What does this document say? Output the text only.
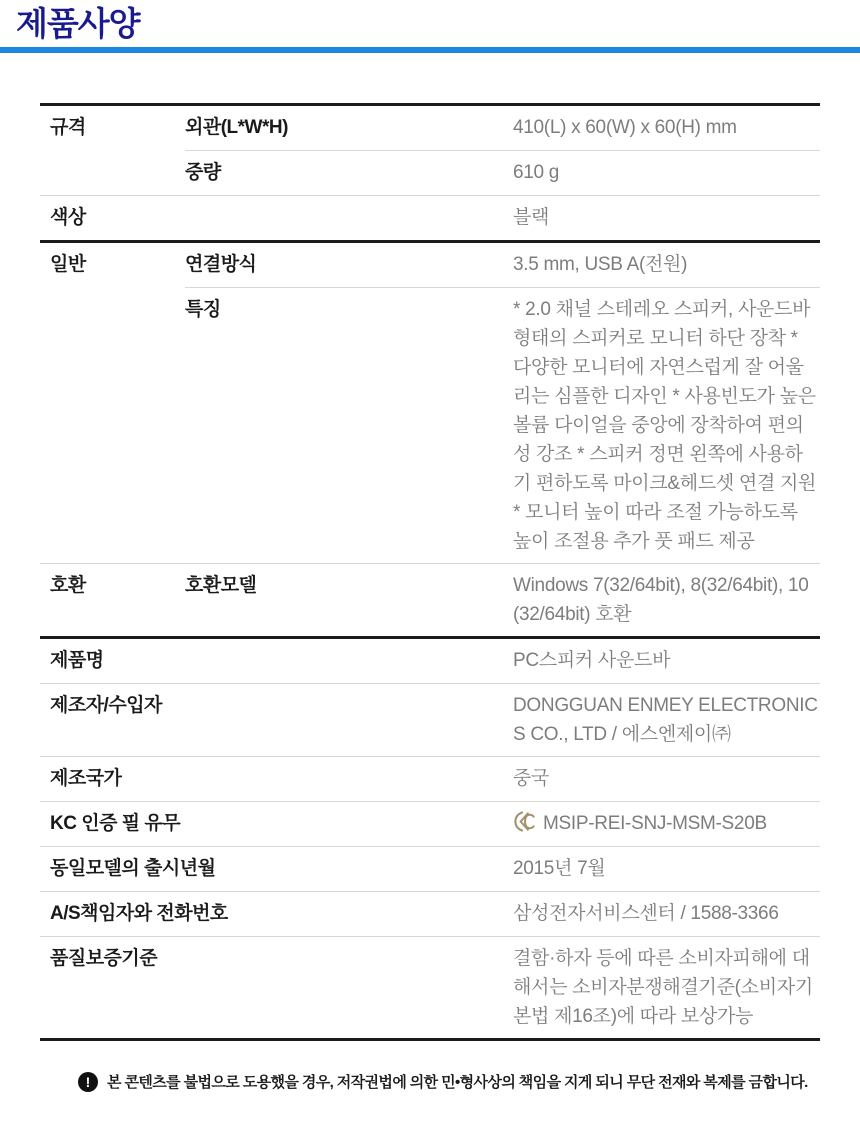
제품사양
규격	외관(L*W*H)	410(L) x 60(W) x 60(H) mm
중량	610 g
색상	블랙
일반	연결방식	3.5 mm, USB A(전원)
특징	* 2.0 채널 스테레오 스피커, 사운드바 형태의 스피커로 모니터 하단 장착 * 다양한 모니터에 자연스럽게 잘 어울리는 심플한 디자인 * 사용빈도가 높은 볼륨 다이얼을 중앙에 장착하여 편의성 강조 * 스피커 정면 왼쪽에 사용하기 편하도록 마이크&헤드셋 연결 지원 * 모니터 높이 따라 조절 가능하도록 높이 조절용 추가 풋 패드 제공
호환	호환모델	Windows 7(32/64bit), 8(32/64bit), 10(32/64bit) 호환
제품명	PC스피커 사운드바
제조자/수입자	DONGGUAN ENMEY ELECTRONICS CO., LTD / 에스엔제이㈜
제조국가	중국
KC 인증 필 유무	MSIP-REI-SNJ-MSM-S20B
동일모델의 출시년월	2015년 7월
A/S책임자와 전화번호	삼성전자서비스센터 / 1588-3366
품질보증기준	결함·하자 등에 따른 소비자피해에 대해서는 소비자분쟁해결기준(소비자기본법 제16조)에 따라 보상가능
!	본 콘텐츠를 불법으로 도용했을 경우, 저작권법에 의한 민•형사상의 책임을 지게 되니 무단 전재와 복제를 금합니다.
